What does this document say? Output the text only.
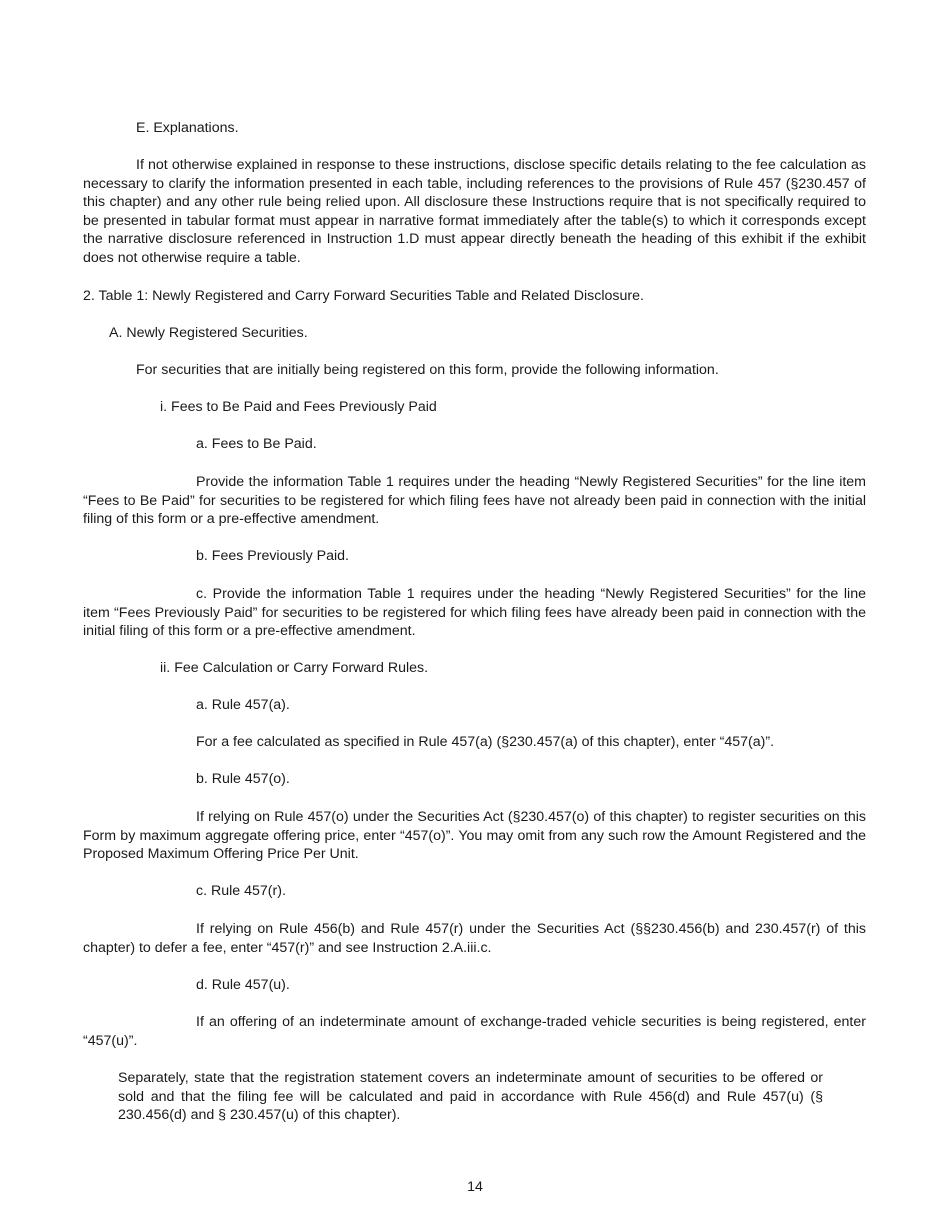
E. Explanations.

If not otherwise explained in response to these instructions, disclose specific details relating to the fee calculation as necessary to clarify the information presented in each table, including references to the provisions of Rule 457 (§230.457 of this chapter) and any other rule being relied upon. All disclosure these Instructions require that is not specifically required to be presented in tabular format must appear in narrative format immediately after the table(s) to which it corresponds except the narrative disclosure referenced in Instruction 1.D must appear directly beneath the heading of this exhibit if the exhibit does not otherwise require a table.

2. Table 1: Newly Registered and Carry Forward Securities Table and Related Disclosure.
A. Newly Registered Securities.
For securities that are initially being registered on this form, provide the following information.
i. Fees to Be Paid and Fees Previously Paid
a. Fees to Be Paid.

Provide the information Table 1 requires under the heading “Newly Registered Securities” for the line item “Fees to Be Paid” for securities to be registered for which filing fees have not already been paid in connection with the initial filing of this form or a pre-effective amendment.

b. Fees Previously Paid.

c. Provide the information Table 1 requires under the heading “Newly Registered Securities” for the line item “Fees Previously Paid” for securities to be registered for which filing fees have already been paid in connection with the initial filing of this form or a pre-effective amendment.

ii. Fee Calculation or Carry Forward Rules.
a. Rule 457(a).
For a fee calculated as specified in Rule 457(a) (§230.457(a) of this chapter), enter “457(a)”.
b. Rule 457(o).

If relying on Rule 457(o) under the Securities Act (§230.457(o) of this chapter) to register securities on this Form by maximum aggregate offering price, enter “457(o)”. You may omit from any such row the Amount Registered and the Proposed Maximum Offering Price Per Unit.

c. Rule 457(r).

If relying on Rule 456(b) and Rule 457(r) under the Securities Act (§§230.456(b) and 230.457(r) of this chapter) to defer a fee, enter “457(r)” and see Instruction 2.A.iii.c.

d. Rule 457(u).

If an offering of an indeterminate amount of exchange-traded vehicle securities is being registered, enter “457(u)”.

Separately, state that the registration statement covers an indeterminate amount of securities to be offered or sold and that the filing fee will be calculated and paid in accordance with Rule 456(d) and Rule 457(u) (§ 230.456(d) and § 230.457(u) of this chapter).

14
